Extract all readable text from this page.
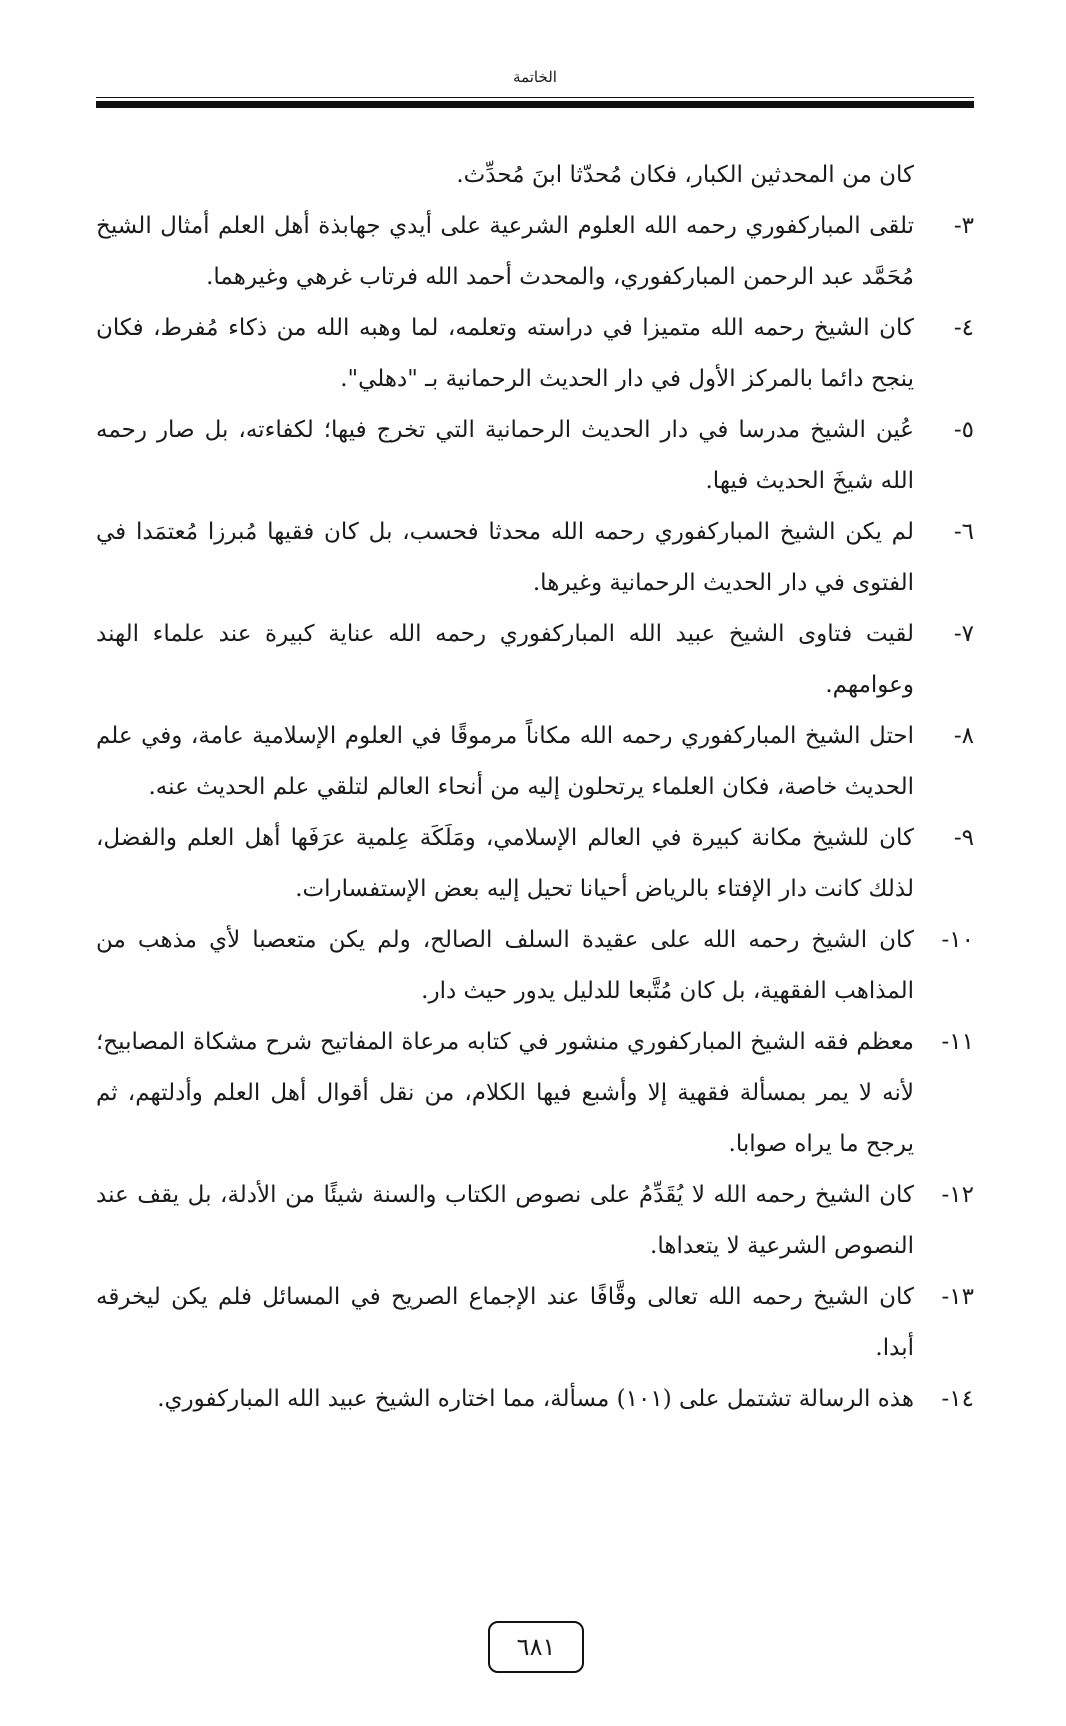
الخاتمة
كان من المحدثين الكبار، فكان مُحدّثا ابنَ مُحدِّث.
٣-
تلقى المباركفوري رحمه الله العلوم الشرعية على أيدي جهابذة أهل العلم أمثال الشيخ مُحَمَّد عبد الرحمن المباركفوري، والمحدث أحمد الله فرتاب غرهي وغيرهما.
٤-
كان الشيخ رحمه الله متميزا في دراسته وتعلمه، لما وهبه الله من ذكاء مُفرط، فكان ينجح دائما بالمركز الأول في دار الحديث الرحمانية بـ "دهلي".
٥-
عُين الشيخ مدرسا في دار الحديث الرحمانية التي تخرج فيها؛ لكفاءته، بل صار رحمه الله شيخَ الحديث فيها.
٦-
لم يكن الشيخ المباركفوري رحمه الله محدثا فحسب، بل كان فقيها مُبرزا مُعتمَدا في الفتوى في دار الحديث الرحمانية وغيرها.
٧-
لقيت فتاوى الشيخ عبيد الله المباركفوري رحمه الله عناية كبيرة عند علماء الهند وعوامهم.
٨-
احتل الشيخ المباركفوري رحمه الله مكاناً مرموقًا في العلوم الإسلامية عامة، وفي علم الحديث خاصة، فكان العلماء يرتحلون إليه من أنحاء العالم لتلقي علم الحديث عنه.
٩-
كان للشيخ مكانة كبيرة في العالم الإسلامي، ومَلَكَة عِلمية عرَفَها أهل العلم والفضل، لذلك كانت دار الإفتاء بالرياض أحيانا تحيل إليه بعض الإستفسارات.
١٠-
كان الشيخ رحمه الله على عقيدة السلف الصالح، ولم يكن متعصبا لأي مذهب من المذاهب الفقهية، بل كان مُتَّبعا للدليل يدور حيث دار.
١١-
معظم فقه الشيخ المباركفوري منشور في كتابه مرعاة المفاتيح شرح مشكاة المصابيح؛ لأنه لا يمر بمسألة فقهية إلا وأشبع فيها الكلام، من نقل أقوال أهل العلم وأدلتهم، ثم يرجح ما يراه صوابا.
١٢-
كان الشيخ رحمه الله لا يُقَدِّمُ على نصوص الكتاب والسنة شيئًا من الأدلة، بل يقف عند النصوص الشرعية لا يتعداها.
١٣-
كان الشيخ رحمه الله تعالى وقَّافًا عند الإجماع الصريح في المسائل فلم يكن ليخرقه أبدا.
١٤-
هذه الرسالة تشتمل على (١٠١) مسألة، مما اختاره الشيخ عبيد الله المباركفوري.
٦٨١
